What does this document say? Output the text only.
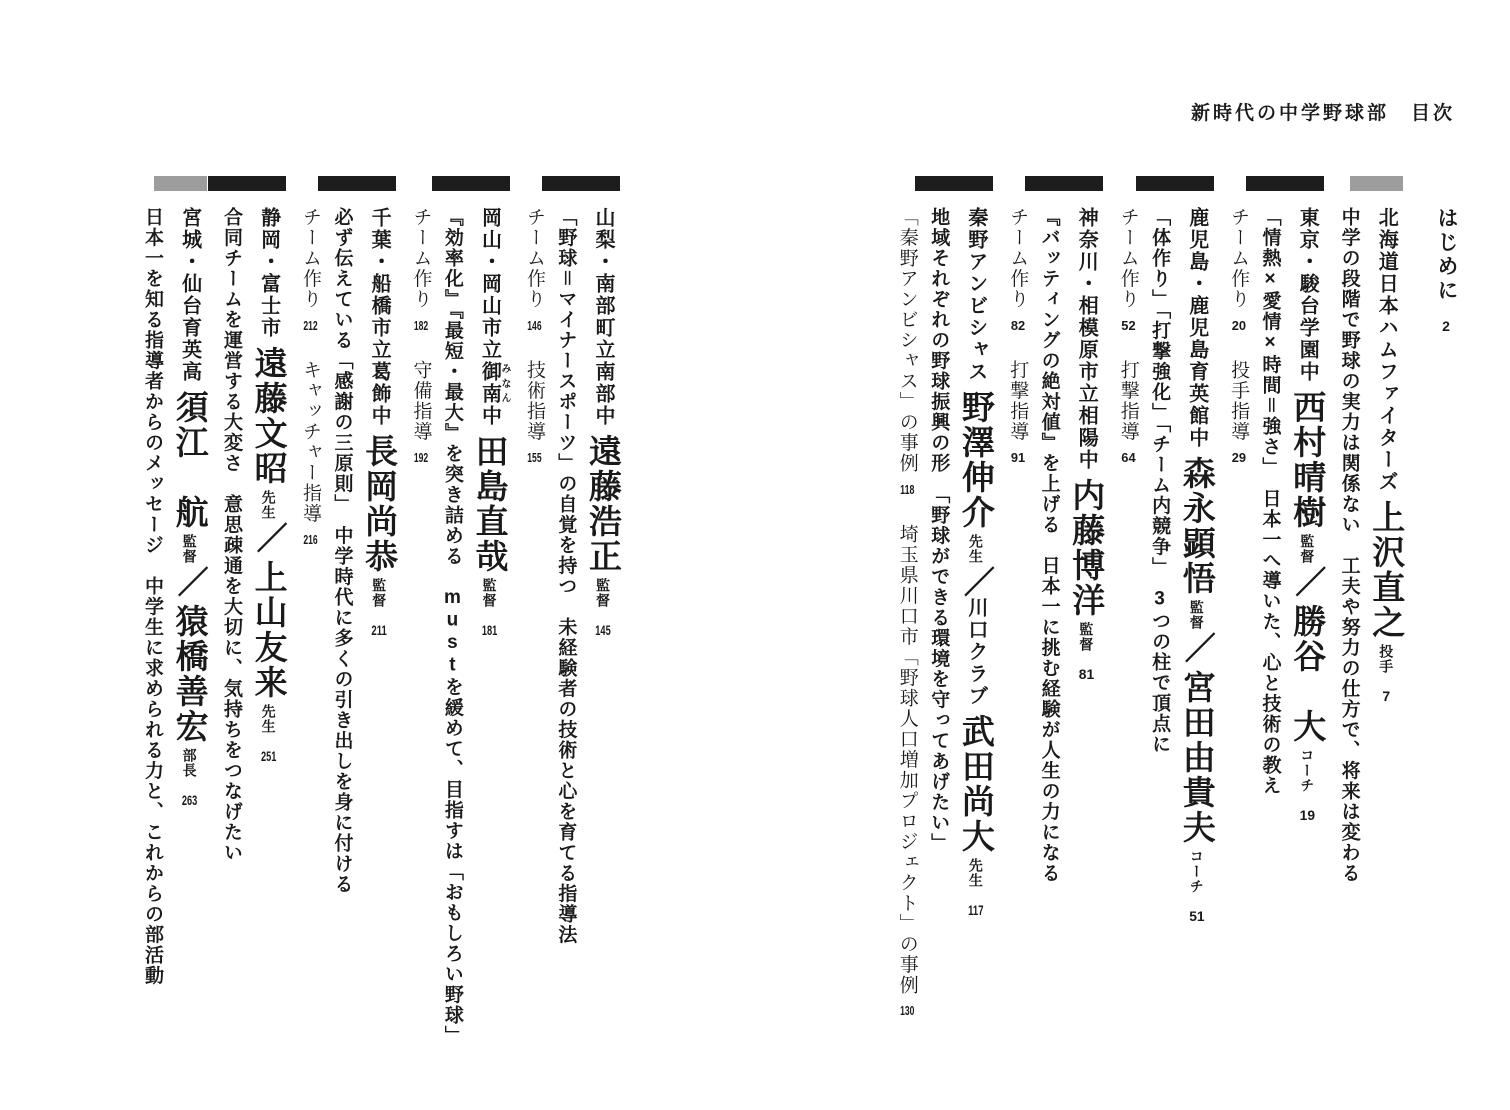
新時代の中学野球部　目次
はじめに2
北海道日本ハムファイターズ上沢直之投手7
中学の段階で野球の実力は関係ない　工夫や努力の仕方で、将来は変わる
東京・駿台学園中西村晴樹監督／勝谷　大コーチ19
「情熱×愛情×時間＝強さ」　日本一へ導いた、心と技術の教え
チーム作り20投手指導29
鹿児島・鹿児島育英館中森永顕悟監督／宮田由貴夫コーチ51
「体作り」「打撃強化」「チーム内競争」　3つの柱で頂点に
チーム作り52打撃指導64
神奈川・相模原市立相陽中内藤博洋監督81
『バッティングの絶対値』を上げる　日本一に挑む経験が人生の力になる
チーム作り82打撃指導91
秦野アンビシャス野澤伸介先生／川口クラブ武田尚大先生117
地域それぞれの野球振興の形　「野球ができる環境を守ってあげたい」
「秦野アンビシャス」の事例118埼玉県川口市「野球人口増加プロジェクト」の事例130
山梨・南部町立南部中遠藤浩正監督145
「野球＝マイナースポーツ」の自覚を持つ　未経験者の技術と心を育てる指導法
チーム作り146技術指導155
岡山・岡山市立御南みなん中田島直哉監督181
『効率化』『最短・最大』を突き詰める　mustを緩めて、目指すは「おもしろい野球」
チーム作り182守備指導192
千葉・船橋市立葛飾中長岡尚恭監督211
必ず伝えている「感謝の三原則」　中学時代に多くの引き出しを身に付ける
チーム作り212キャッチャー指導216
静岡・富士市遠藤文昭先生／上山友来先生251
合同チームを運営する大変さ　意思疎通を大切に、気持ちをつなげたい
宮城・仙台育英高須江　航監督／猿橋善宏部長263
日本一を知る指導者からのメッセージ　中学生に求められる力と、これからの部活動
